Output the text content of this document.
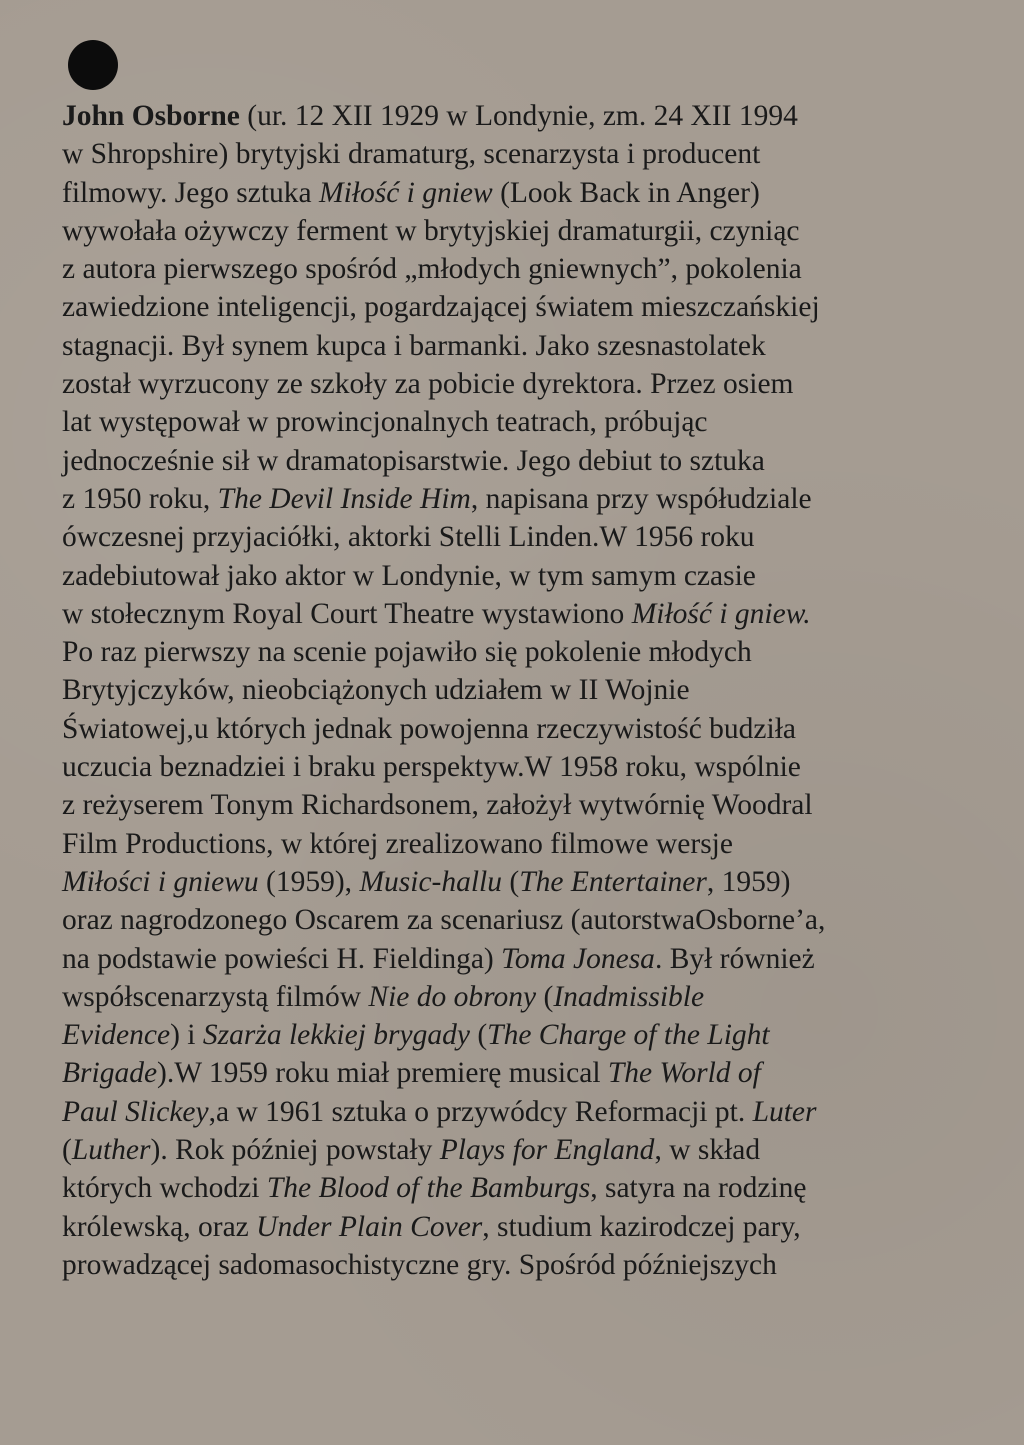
John Osborne (ur. 12 XII 1929 w Londynie, zm. 24 XII 1994
w Shropshire) brytyjski dramaturg, scenarzysta i producent
filmowy. Jego sztuka Miłość i gniew (Look Back in Anger)
wywołała ożywczy ferment w brytyjskiej dramaturgii, czyniąc
z autora pierwszego spośród „młodych gniewnych”, pokolenia
zawiedzione inteligencji, pogardzającej światem mieszczańskiej
stagnacji. Był synem kupca i barmanki. Jako szesnastolatek
został wyrzucony ze szkoły za pobicie dyrektora. Przez osiem
lat występował w prowincjonalnych teatrach, próbując
jednocześnie sił w dramatopisarstwie. Jego debiut to sztuka
z 1950 roku, The Devil Inside Him, napisana przy współudziale
ówczesnej przyjaciółki, aktorki Stelli Linden.W 1956 roku
zadebiutował jako aktor w Londynie, w tym samym czasie
w stołecznym Royal Court Theatre wystawiono Miłość i gniew.
Po raz pierwszy na scenie pojawiło się pokolenie młodych
Brytyjczyków, nieobciążonych udziałem w II Wojnie
Światowej,u których jednak powojenna rzeczywistość budziła
uczucia beznadziei i braku perspektyw.W 1958 roku, wspólnie
z reżyserem Tonym Richardsonem, założył wytwórnię Woodral
Film Productions, w której zrealizowano filmowe wersje
Miłości i gniewu (1959), Music-hallu (The Entertainer, 1959)
oraz nagrodzonego Oscarem za scenariusz (autorstwaOsborne’a,
na podstawie powieści H. Fieldinga) Toma Jonesa. Był również
współscenarzystą filmów Nie do obrony (Inadmissible
Evidence) i Szarża lekkiej brygady (The Charge of the Light
Brigade).W 1959 roku miał premierę musical The World of
Paul Slickey,a w 1961 sztuka o przywódcy Reformacji pt. Luter
(Luther). Rok później powstały Plays for England, w skład
których wchodzi The Blood of the Bamburgs, satyra na rodzinę
królewską, oraz Under Plain Cover, studium kazirodczej pary,
prowadzącej sadomasochistyczne gry. Spośród późniejszych
